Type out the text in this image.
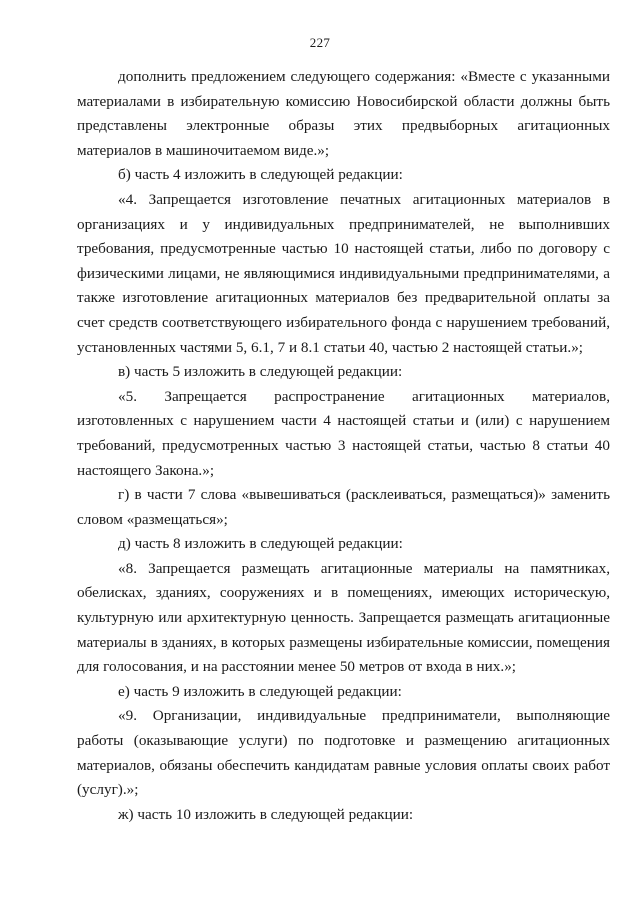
227

дополнить предложением следующего содержания: «Вместе с указанными материалами в избирательную комиссию Новосибирской области должны быть представлены электронные образы этих предвыборных агитационных материалов в машиночитаемом виде.»;

б) часть 4 изложить в следующей редакции:

«4. Запрещается изготовление печатных агитационных материалов в организациях и у индивидуальных предпринимателей, не выполнивших требования, предусмотренные частью 10 настоящей статьи, либо по договору с физическими лицами, не являющимися индивидуальными предпринимателями, а также изготовление агитационных материалов без предварительной оплаты за счет средств соответствующего избирательного фонда с нарушением требований, установленных частями 5, 6.1, 7 и 8.1 статьи 40, частью 2 настоящей статьи.»;

в) часть 5 изложить в следующей редакции:

«5. Запрещается распространение агитационных материалов, изготовленных с нарушением части 4 настоящей статьи и (или) с нарушением требований, предусмотренных частью 3 настоящей статьи, частью 8 статьи 40 настоящего Закона.»;

г) в части 7 слова «вывешиваться (расклеиваться, размещаться)» заменить словом «размещаться»;

д) часть 8 изложить в следующей редакции:

«8. Запрещается размещать агитационные материалы на памятниках, обелисках, зданиях, сооружениях и в помещениях, имеющих историческую, культурную или архитектурную ценность. Запрещается размещать агитационные материалы в зданиях, в которых размещены избирательные комиссии, помещения для голосования, и на расстоянии менее 50 метров от входа в них.»;

е) часть 9 изложить в следующей редакции:

«9. Организации, индивидуальные предприниматели, выполняющие работы (оказывающие услуги) по подготовке и размещению агитационных материалов, обязаны обеспечить кандидатам равные условия оплаты своих работ (услуг).»;

ж) часть 10 изложить в следующей редакции:
